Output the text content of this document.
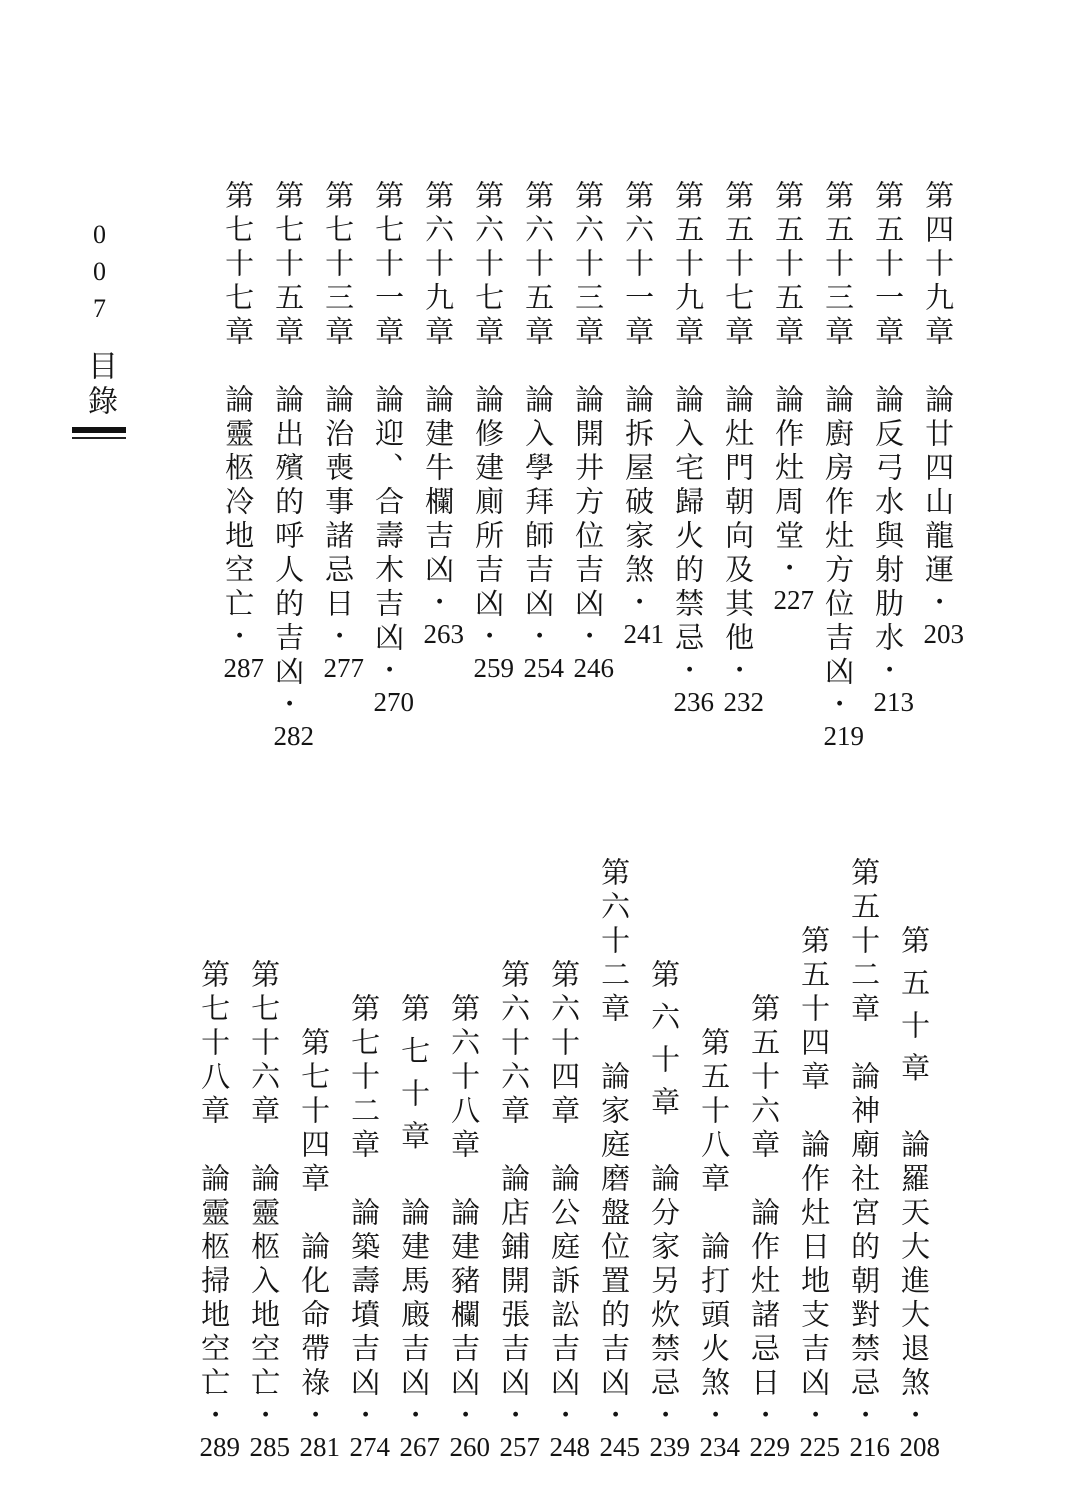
007
目錄
第四十九章論廿四山龍運・203
第五十一章論反弓水與射肋水・213
第五十三章論廚房作灶方位吉凶・219
第五十五章論作灶周堂・227
第五十七章論灶門朝向及其他・232
第五十九章論入宅歸火的禁忌・236
第六十一章論拆屋破家煞・241
第六十三章論開井方位吉凶・246
第六十五章論入學拜師吉凶・254
第六十七章論修建廁所吉凶・259
第六十九章論建牛欄吉凶・263
第七十一章論迎、合壽木吉凶・270
第七十三章論治喪事諸忌日・277
第七十五章論出殯的呼人的吉凶・282
第七十七章論靈柩冷地空亡・287
第五十章論羅天大進大退煞・208
第五十二章論神廟社宮的朝對禁忌・216
第五十四章論作灶日地支吉凶・225
第五十六章論作灶諸忌日・229
第五十八章論打頭火煞・234
第六十章論分家另炊禁忌・239
第六十二章論家庭磨盤位置的吉凶・245
第六十四章論公庭訴訟吉凶・248
第六十六章論店鋪開張吉凶・257
第六十八章論建豬欄吉凶・260
第七十章論建馬廄吉凶・267
第七十二章論築壽墳吉凶・274
第七十四章論化命帶祿・281
第七十六章論靈柩入地空亡・285
第七十八章論靈柩掃地空亡・289
